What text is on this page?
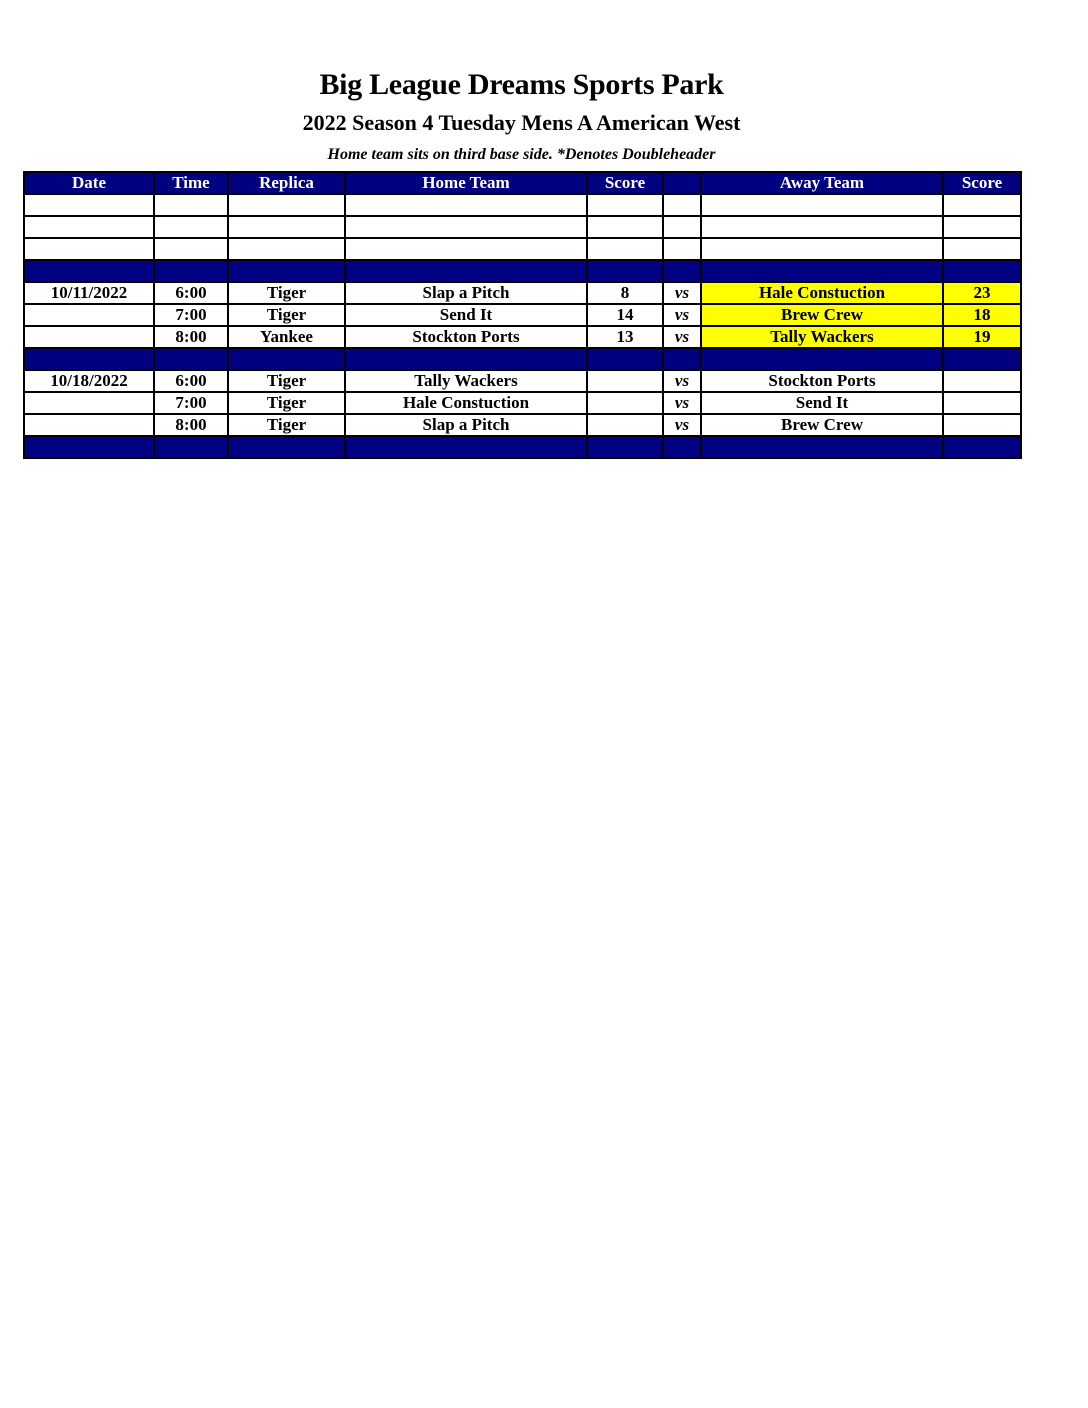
Big League Dreams Sports Park
2022 Season 4 Tuesday Mens A American West
Home team sits on third base side. *Denotes Doubleheader
Date	Time	Replica	Home Team	Score		Away Team	Score

10/11/2022	6:00	Tiger	Slap a Pitch	8	vs	Hale Constuction	23
	7:00	Tiger	Send It	14	vs	Brew Crew	18
	8:00	Yankee	Stockton Ports	13	vs	Tally Wackers	19

10/18/2022	6:00	Tiger	Tally Wackers		vs	Stockton Ports	
	7:00	Tiger	Hale Constuction		vs	Send It	
	8:00	Tiger	Slap a Pitch		vs	Brew Crew	
